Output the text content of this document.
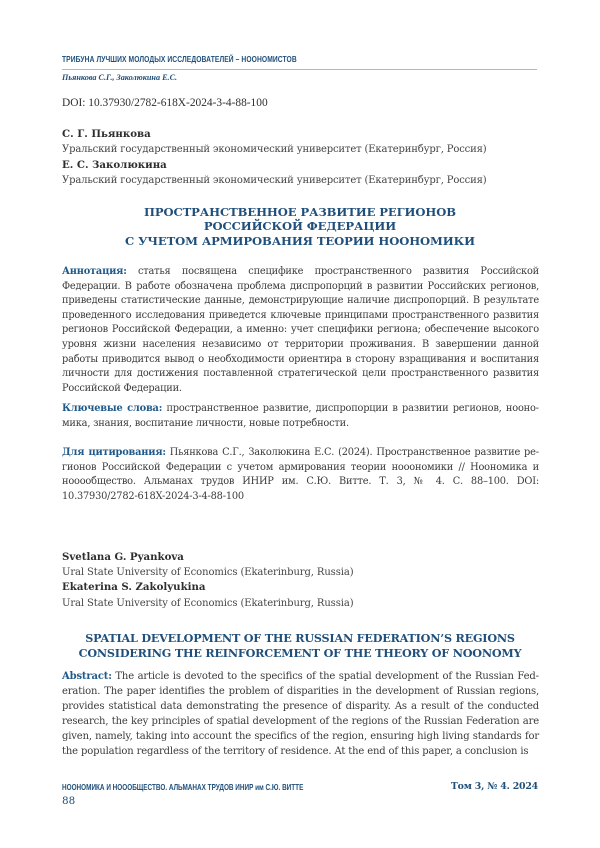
ТРИБУНА ЛУЧШИХ МОЛОДЫХ ИССЛЕДОВАТЕЛЕЙ – НООНОМИСТОВ
Пьянкова С.Г., Заколюкина Е.С.
DOI: 10.37930/2782-618X-2024-3-4-88-100
С. Г. Пьянкова
Уральский государственный экономический университет (Екатеринбург, Россия)
Е. С. Заколюкина
Уральский государственный экономический университет (Екатеринбург, Россия)
ПРОСТРАНСТВЕННОЕ РАЗВИТИЕ РЕГИОНОВ
РОССИЙСКОЙ ФЕДЕРАЦИИ
С УЧЕТОМ АРМИРОВАНИЯ ТЕОРИИ НООНОМИКИ
Аннотация: статья посвящена специфике пространственного развития Российской Федерации. В работе обозначена проблема диспропорций в развитии Российских регионов, приведены статистические данные, демонстрирующие наличие диспропорций. В результате проведенного исследования приведется ключевые принципами пространственного развития регионов Российской Федерации, а именно: учет специфики региона; обеспечение высокого уровня жизни населения независимо от территории проживания. В завершении данной работы приводится вывод о необходимости ориентира в сторону взращивания и воспитания личности для достижения поставленной стратегической цели пространственного развития Российской Федерации.
Ключевые слова: пространственное развитие, диспропорции в развитии регионов, ноономика, знания, воспитание личности, новые потребности.
Для цитирования: Пьянкова С.Г., Заколюкина Е.С. (2024). Пространственное развитие регионов Российской Федерации с учетом армирования теории нооономики // Ноономика и нооообщество. Альманах трудов ИНИР им. С.Ю. Витте. Т. 3, № 4. С. 88–100. DOI: 10.37930/2782-618X-2024-3-4-88-100
Svetlana G. Pyankova
Ural State University of Economics (Ekaterinburg, Russia)
Ekaterina S. Zakolyukina
Ural State University of Economics (Ekaterinburg, Russia)
SPATIAL DEVELOPMENT OF THE RUSSIAN FEDERATION’S REGIONS
CONSIDERING THE REINFORCEMENT OF THE THEORY OF NOONOMY
Abstract: The article is devoted to the specifics of the spatial development of the Russian Federation. The paper identifies the problem of disparities in the development of Russian regions, provides statistical data demonstrating the presence of disparity. As a result of the conducted research, the key principles of spatial development of the regions of the Russian Federation are given, namely, taking into account the specifics of the region, ensuring high living standards for the population regardless of the territory of residence. At the end of this paper, a conclusion is
НООНОМИКА И НОООБЩЕСТВО. АЛЬМАНАХ ТРУДОВ ИНИР им С.Ю. ВИТТЕ	Том 3, № 4. 2024
88
